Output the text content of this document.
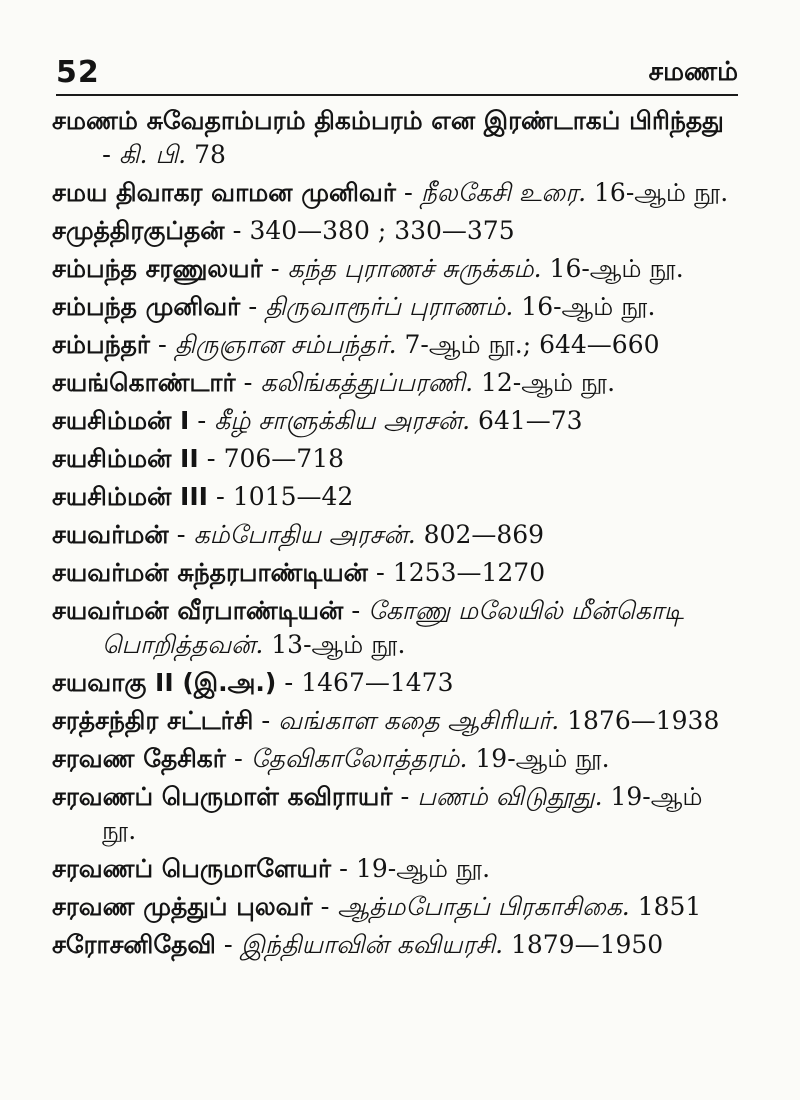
52	சமணம்
சமணம் சுவேதாம்பரம் திகம்பரம் என இரண்டாகப் பிரிந்தது - கி. பி. 78
சமய திவாகர வாமன முனிவர் - நீலகேசி உரை. 16-ஆம் நூ.
சமுத்திரகுப்தன் - 340—380 ; 330—375
சம்பந்த சரணுலயர் - கந்த புராணச் சுருக்கம். 16-ஆம் நூ.
சம்பந்த முனிவர் - திருவாரூர்ப் புராணம். 16-ஆம் நூ.
சம்பந்தர் - திருஞான சம்பந்தர். 7-ஆம் நூ.; 644—660
சயங்கொண்டார் - கலிங்கத்துப்பரணி. 12-ஆம் நூ.
சயசிம்மன் I - கீழ் சாளுக்கிய அரசன். 641—73
சயசிம்மன் II - 706—718
சயசிம்மன் III - 1015—42
சயவர்மன் - கம்போதிய அரசன். 802—869
சயவர்மன் சுந்தரபாண்டியன் - 1253—1270
சயவர்மன் வீரபாண்டியன் - கோணு மலேயில் மீன்கொடி பொறித்தவன். 13-ஆம் நூ.
சயவாகு II (இ.அ.) - 1467—1473
சரத்சந்திர சட்டர்சி - வங்காள கதை ஆசிரியர். 1876—1938
சரவண தேசிகர் - தேவிகாலோத்தரம். 19-ஆம் நூ.
சரவணப் பெருமாள் கவிராயர் - பணம் விடுதூது. 19-ஆம் நூ.
சரவணப் பெருமாளேயர் - 19-ஆம் நூ.
சரவண முத்துப் புலவர் - ஆத்மபோதப் பிரகாசிகை. 1851
சரோசனிதேவி - இந்தியாவின் கவியரசி. 1879—1950
